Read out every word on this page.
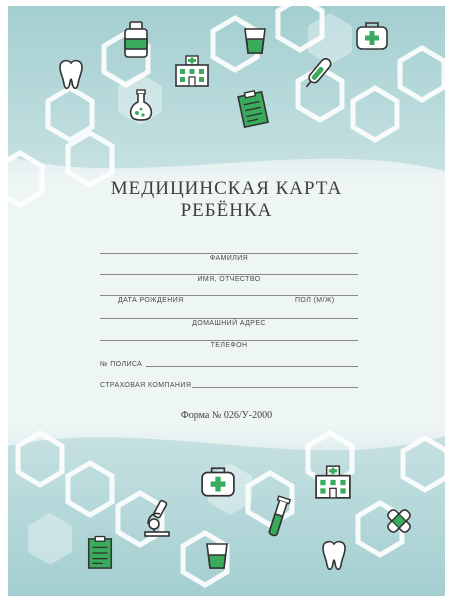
МЕДИЦИНСКАЯ КАРТА
РЕБЁНКА
ФАМИЛИЯ
ИМЯ, ОТЧЕСТВО
ДАТА РОЖДЕНИЯ	ПОЛ (М/Ж)
ДОМАШНИЙ АДРЕС
ТЕЛЕФОН
№ ПОЛИСА
СТРАХОВАЯ КОМПАНИЯ
Форма № 026/У-2000
